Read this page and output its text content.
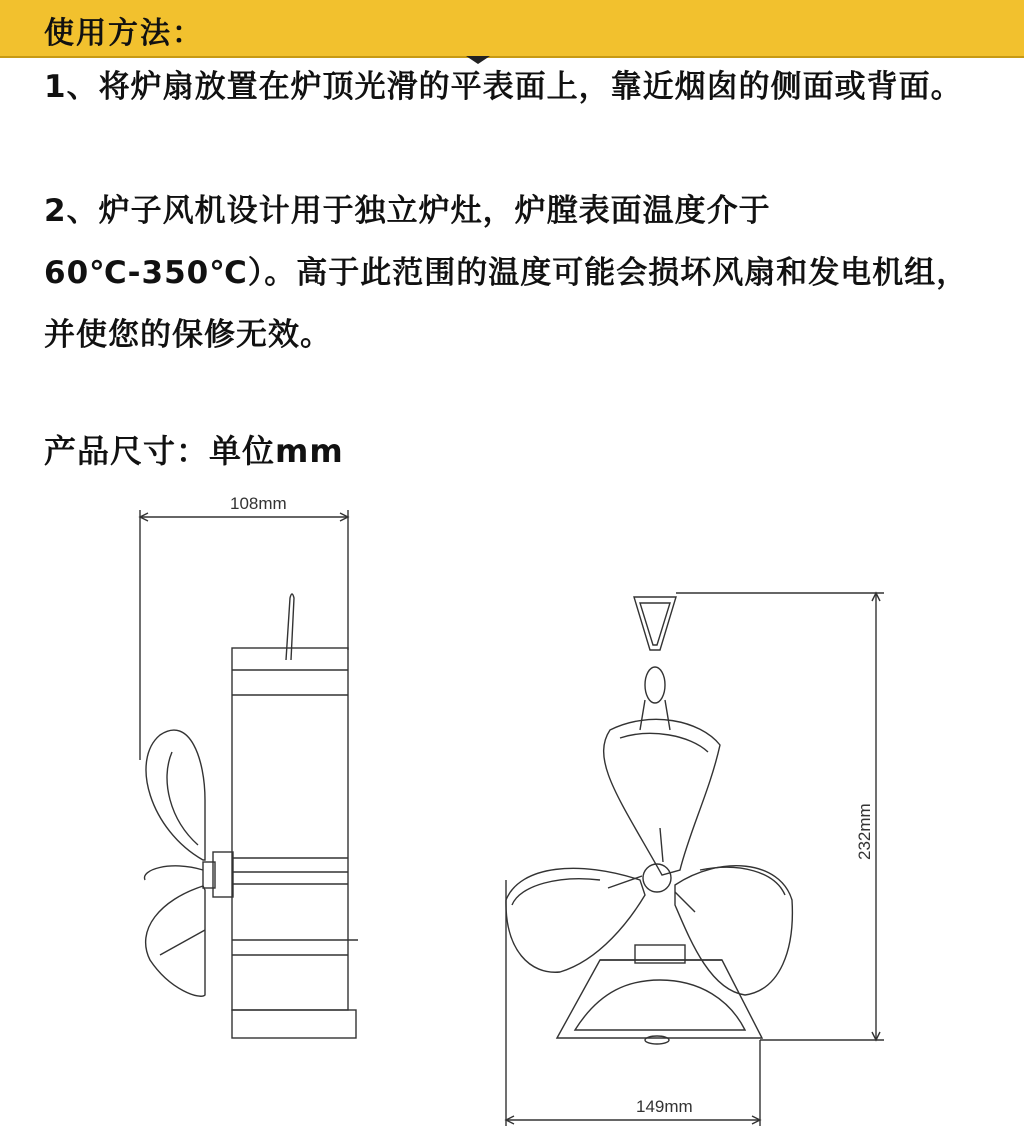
使用方法：
1、将炉扇放置在炉顶光滑的平表面上，靠近烟囱的侧面或背面。
2、炉子风机设计用于独立炉灶，炉膛表面温度介于60℃-350℃）。高于此范围的温度可能会损坏风扇和发电机组，并使您的保修无效。
产品尺寸：单位mm
108mm
149mm
232mm
